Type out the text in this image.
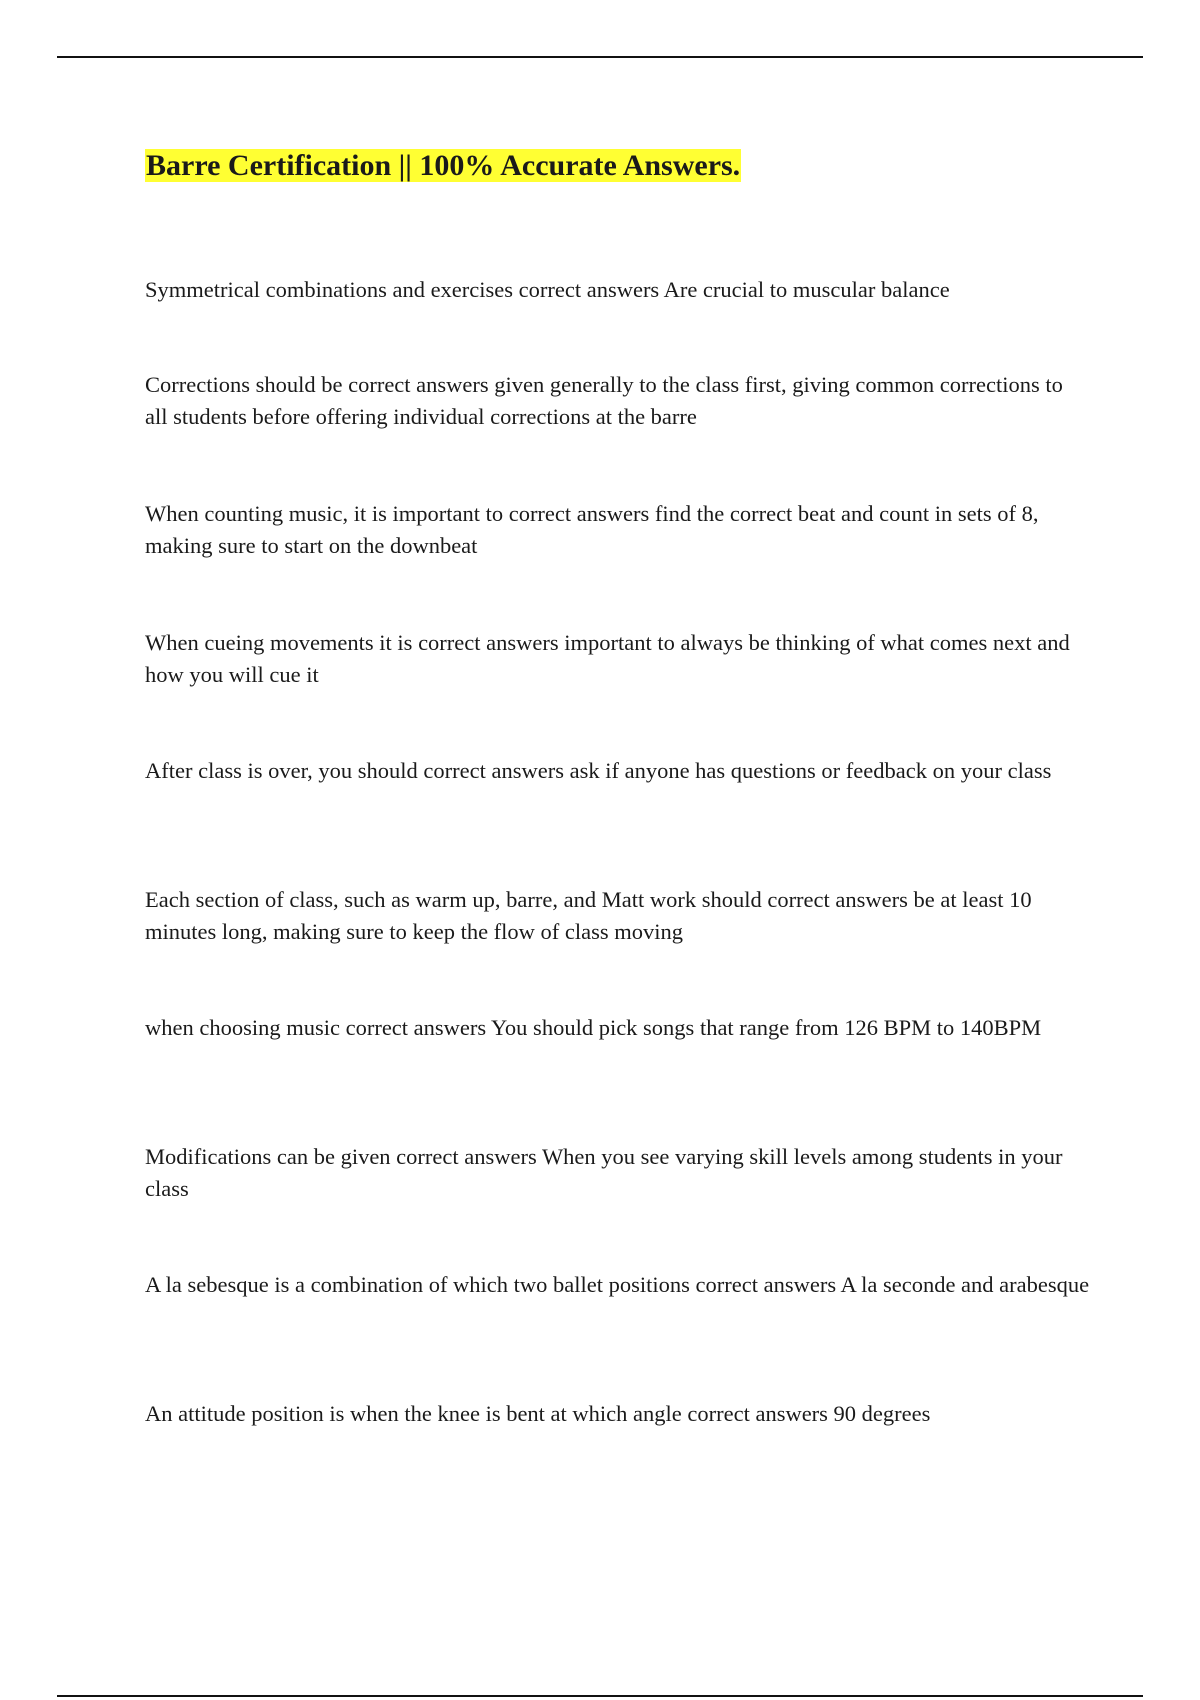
Barre Certification || 100% Accurate Answers.

Symmetrical combinations and exercises correct answers Are crucial to muscular balance

Corrections should be correct answers given generally to the class first, giving common corrections to all students before offering individual corrections at the barre

When counting music, it is important to correct answers find the correct beat and count in sets of 8, making sure to start on the downbeat

When cueing movements it is correct answers important to always be thinking of what comes next and how you will cue it

After class is over, you should correct answers ask if anyone has questions or feedback on your class

Each section of class, such as warm up, barre, and Matt work should correct answers be at least 10 minutes long, making sure to keep the flow of class moving

when choosing music correct answers You should pick songs that range from 126 BPM to 140BPM

Modifications can be given correct answers When you see varying skill levels among students in your class

A la sebesque is a combination of which two ballet positions correct answers A la seconde and arabesque

An attitude position is when the knee is bent at which angle correct answers 90 degrees
